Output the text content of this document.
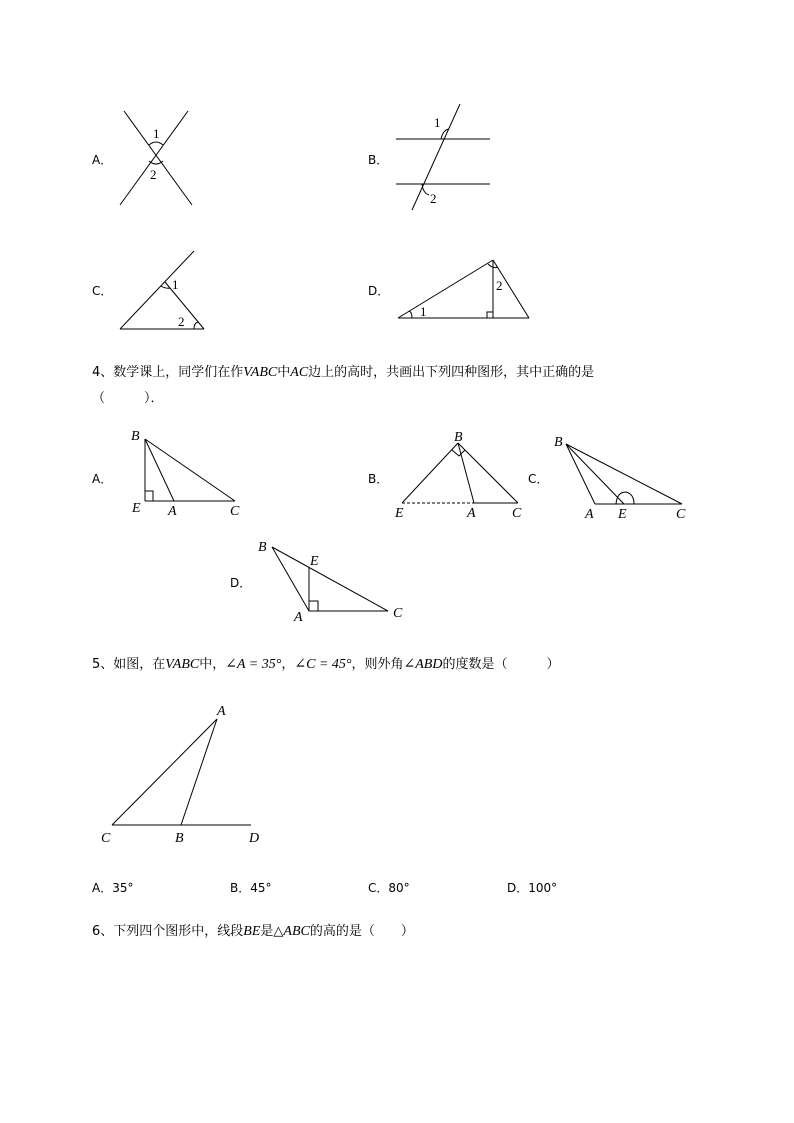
A．
1
2
B．
1
2
C．	1
2
D．
1
2
4、数学课上，同学们在作VABC中AC边上的高时，共画出下列四种图形，其中正确的是
（　　　）．
A．
B
E A	C
B．
B
E	A	C
C．
B
A E	C
D．
B
E
A	C
5、如图，在VABC中，∠A = 35°，∠C = 45°，则外角∠ABD的度数是（　　　）
A
C	B	D
A．35°	B．45°	C．80°	D．100°
6、下列四个图形中，线段BE是△ABC的高的是（　　）
